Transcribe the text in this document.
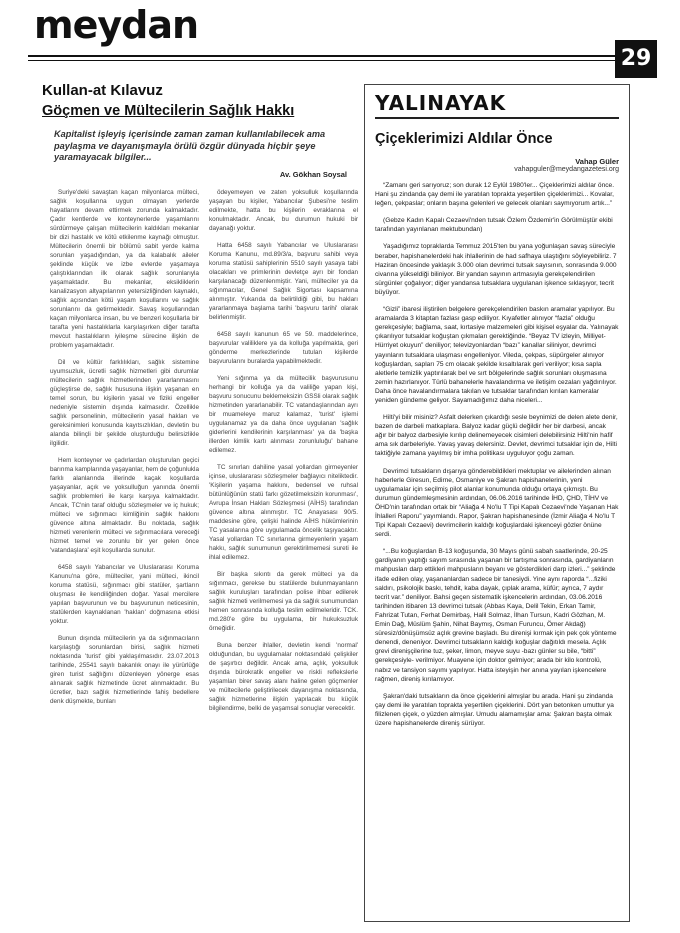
meydan
29
Kullan-at Kılavuz
Göçmen ve Mültecilerin Sağlık Hakkı
Kapitalist işleyiş içerisinde zaman zaman kullanılabilecek ama paylaşma ve dayanışmayla örülü özgür dünyada hiçbir şeye yaramayacak bilgiler...
Av. Gökhan Soysal

Suriye'deki savaştan kaçan milyonlarca mülteci, sağlık koşullarına uygun olmayan yerlerde hayatlarını devam ettirmek zorunda kalmaktadır. Çadır kentlerde ve konteynerlerde yaşamlarını sürdürmeye çalışan mültecilerin kaldıkları mekanlar bir dizi hastalık ve kötü etkilenme kaynağı olmuştur. Mültecilerin önemli bir bölümü sabit yerde kalma sorunları yaşadığından, ya da kalabalık aileler şeklinde küçük ve izbe evlerde yaşamaya çalıştıklarından ilk olarak sağlık sorunlarıyla yaşamaktadır. Bu mekanlar, eksikliklerin kanalizasyon altyapılarının yetersizliğinden kaynaklı, sağlık açısından kötü yaşam koşullarını ve sağlık sorunlarını da getirmektedir. Savaş koşullarından kaçan milyonlarca insan, bu ve benzeri koşullarla bir tarafta yeni hastalıklarla karşılaşırken diğer tarafta mevcut hastalıkların iyileşme sürecine ilişkin de problem yaşamaktadır.

Dil ve kültür farklılıkları, sağlık sistemine uyumsuzluk, ücretli sağlık hizmetleri gibi durumlar mültecilerin sağlık hizmetlerinden yararlanmasını güçleştirse de, sağlık hususuna ilişkin yaşanan en temel sorun, bu kişilerin yasal ve fiziki engeller nedeniyle sistemin dışında kalmasıdır. Özellikle sağlık personelinin, mültecilerin yasal hakları ve gereksinimleri konusunda kayıtsızlıkları, devletin bu alanda bilinçli bir şekilde oluşturduğu belirsizlikle ilgilidir.

Hem konteyner ve çadırlardan oluşturulan geçici barınma kamplarında yaşayanlar, hem de çoğunlukla farklı alanlarında illerinde kaçak koşullarda yaşayanlar, açık ve yoksulluğun yanında önemli sağlık problemleri ile karşı karşıya kalmaktadır. Ancak, TC'nin taraf olduğu sözleşmeler ve iç hukuk; mülteci ve sığınmacı kimliğinin sağlık hakkını güvence altına almaktadır. Bu noktada, sağlık hizmeti verenlerin mülteci ve sığınmacılara vereceği hizmet temel ve zorunlu bir yer gelen önce 'vatandaşlara' eşit koşullarda sunulur.

6458 sayılı Yabancılar ve Uluslararası Koruma Kanunu'na göre, mülteciler, yani mülteci, ikincil koruma statüsü, sığınmacı gibi statüler, şartların oluşması ile kendiliğinden doğar. Yasal mercilere yapılan başvurunun ve bu başvurunun neticesinin, statülerden kaynaklanan 'hakları' doğmasına etkisi yoktur.

Bunun dışında mültecilerin ya da sığınmacıların karşılaştığı sorunlardan birisi, sağlık hizmeti noktasında 'turist' gibi yaklaşılmasıdır. 23.07.2013 tarihinde, 25541 sayılı bakanlık onayı ile yürürlüğe giren turist sağlığını düzenleyen yönerge esas alınarak sağlık hizmetinde ücret alınmaktadır. Bu ücretler, bazı sağlık hizmetlerinde fahiş bedellere denk düşmekte, bunları

ödeyemeyen ve zaten yoksulluk koşullarında yaşayan bu kişiler, Yabancılar Şubesi'ne teslim edilmekte, hatta bu kişilerin evraklarına el konulmaktadır. Ancak, bu durumun hukuki bir dayanağı yoktur.

Hatta 6458 sayılı Yabancılar ve Uluslararası Koruma Kanunu, md.89/3/a, başvuru sahibi veya koruma statüsü sahiplerinin 5510 sayılı yasaya tabi olacakları ve primlerinin devletçe ayrı bir fondan karşılanacağı düzenlenmiştir. Yani, mülteciler ya da sığınmacılar, Genel Sağlık Sigortası kapsamına alınmıştır. Yukarıda da belirtildiği gibi, bu hakları yararlanmaya başlama tarihi 'başvuru tarihi' olarak belirlenmiştir.

6458 sayılı kanunun 65 ve 59. maddelerince, başvurular valiliklere ya da kolluğa yapılmakta, geri gönderme merkezlerinde tutulan kişilerde başvurularını buralarda yapabilmektedir.

Yeni sığınma ya da mültecilik başvurusunu herhangi bir kolluğa ya da valiliğe yapan kişi, başvuru sonucunu beklemeksizin GSSli olarak sağlık hizmetinden yararlanabilir. TC vatandaşlarından ayrı bir muameleye maruz kalamaz, 'turist' işlemi uygulanamaz ya da daha önce uygulanan 'sağlık giderlerini kendilerinin karşılanması' ya da 'başka illerden kimlik kartı alınması zorunluluğu' bahane edilemez.

TC sınırları dahiline yasal yollardan girmeyenler içinse, uluslararası sözleşmeler bağlayıcı niteliktedir. 'Kişilerin yaşama hakkını, bedensel ve ruhsal bütünlüğünün statü farkı gözetilmeksizin korunması', Avrupa İnsan Hakları Sözleşmesi (AİHS) tarafından güvence altına alınmıştır. TC Anayasası 90/5. maddesine göre, çelişki halinde AİHS hükümlerinin TC yasalarına göre uygulamada öncelik taşıyacaktır. Yasal yollardan TC sınırlarına girmeyenlerin yaşam hakkı, sağlık sunumunun gerektirilmemesi sureti ile ihlal edilemez.

Bir başka sıkıntı da gerek mülteci ya da sığınmacı, gerekse bu statülerde bulunmayanların sağlık kuruluşları tarafından polise ihbar edilerek sağlık hizmeti verilmemesi ya da sağlık sunumundan hemen sonrasında kolluğa teslim edilmeleridir. TCK. md.280'e göre bu uygulama, bir hukuksuzluk örneğidir.

Buna benzer ihlaller, devletin kendi 'normal' olduğundan, bu uygulamalar noktasındaki çelişkiler de şaşırtıcı değildir. Ancak ama, açlık, yoksulluk dışında bürokratik engeller ve riskli reflekslerle yaşamları birer savaş alanı haline gelen göçmenler ve mültecilerle geliştirilecek dayanışma noktasında, sağlık hizmetlerine ilişkin yapılacak bu küçük bilgilendirme, belki de yaşamsal sonuçlar verecektir.

YALINAYAK
Çiçeklerimizi Aldılar Önce
Vahap Güler
vahapguler@meydangazetesi.org

“Zamanı geri sarıyoruz; son durak 12 Eylül 1980'ler... Çiçeklerimizi aldılar önce. Hani şu zindanda çay demi ile yaratılan toprakta yeşertilen çiçeklerimizi... Kovalar, leğen, çekpaslar; onların başına gelenleri ve gelecek olanları saymıyorum artık...”

(Gebze Kadın Kapalı Cezaevi'nden tutsak Özlem Özdemir'in Görülmüştür ekibi tarafından yayınlanan mektubundan)

Yaşadığımız topraklarda Temmuz 2015'ten bu yana yoğunlaşan savaş süreciyle beraber, hapishanelerdeki hak ihlallerinin de had safhaya ulaştığını söyleyebiliriz. 7 Haziran öncesinde yaklaşık 3.000 olan devrimci tutsak sayısının, sonrasında 9.000 civarına yükseldiği biliniyor. Bir yandan sayının artmasıyla gerekçelendirilen sürgünler çoğalıyor; diğer yandansa tutsaklara uygulanan işkence sıklaşıyor, tecrit büyüyor.

“Gizli” ibaresi iliştirilen belgelere gerekçelendirilen baskın aramalar yapılıyor. Bu aramalarda 3 kitaptan fazlası gasp ediliyor. Kıyafetler alınıyor “fazla” olduğu gerekçesiyle; bağlama, saat, kırtasiye malzemeleri gibi kişisel eşyalar da. Yalınayak çıkarılıyor tutsaklar koğuştan çıkmaları gerektiğinde. “Beyaz TV izleyin, Milliyet-Hürriyet okuyun” deniliyor; televizyonlardan “bazı” kanallar siliniyor, devrimci yayınların tutsaklara ulaşması engelleniyor. Vileda, çekpas, süpürgeler alınıyor koğuşlardan, sapları 75 cm olacak şekilde kısaltılarak geri veriliyor; kısa sapla aletlerle temizlik yaptırılarak bel ve sırt bölgelerinde sağlık sorunları oluşmasına zemin hazırlanıyor. Türlü bahanelerle havalandırma ve iletişim cezaları yağdırılıyor. Daha önce havalandırmalara takılan ve tutsaklar tarafından kırılan kameralar yeniden gündeme geliyor. Sayamadığımız daha niceleri...

Hilti'yi bilir misiniz? Asfalt delerken çıkardığı sesle beynimizi de delen alete denir, bazen de darbeli matkaplara. Balyoz kadar güçlü değildir her bir darbesi, ancak ağır bir balyoz darbesiyle kırılıp delinemeyecek cisimleri delebilirsiniz Hilti'nin hafif ama sık darbeleriyle. Yavaş yavaş delersiniz. Devlet, devrimci tutsaklar için de, Hilti taktiğiyle zamana yayılmış bir imha politikası uyguluyor çoğu zaman.

Devrimci tutsakların dışarıya gönderebildikleri mektuplar ve ailelerinden alınan haberlerle Giresun, Edirne, Osmaniye ve Şakran hapishanelerinin, yeni uygulamalar için seçilmiş pilot alanlar konumunda olduğu ortaya çıkmıştı. Bu durumun gündemleşmesinin ardından, 06.06.2016 tarihinde İHD, ÇHD, TİHV ve ÖHD'nin tarafından ortak bir “Aliağa 4 No'lu T Tipi Kapalı Cezaevi'nde Yaşanan Hak İhlalleri Raporu” yayımlandı. Rapor, Şakran hapishanesinde (İzmir Aliağa 4 No'lu T Tipi Kapalı Cezaevi) devrimcilerin kaldığı koğuşlardaki işkenceyi gözler önüne serdi.

“...Bu koğuşlardan B-13 koğuşunda, 30 Mayıs günü sabah saatlerinde, 20-25 gardiyanın yaptığı sayım sırasında yaşanan bir tartışma sonrasında, gardiyanların mahpusları darp ettikleri mahpusların beyanı ve gösterdikleri darp izleri...” şeklinde ifade edilen olay, yaşananlardan sadece bir tanesiydi. Yine aynı raporda “...fiziki saldırı, psikolojik baskı, tehdit, kaba dayak, çıplak arama, küfür; ayrıca, 7 aydır tecrit var.” deniliyor. Bahsi geçen sistematik işkencelerin ardından, 03.06.2016 tarihinden itibaren 13 devrimci tutsak (Abbas Kaya, Delil Tekin, Erkan Tamir, Fahrizat Tutan, Ferhat Demirbaş, Halil Solmaz, İlhan Tursun, Kadri Gözhan, M. Emin Dağ, Müslüm Şahin, Nihat Baymış, Osman Furuncu, Ömer Akdağ) süresiz/dönüşümsüz açlık grevine başladı. Bu direnişi kırmak için pek çok yönteme denendi, deneniyor. Devrimci tutsakların kaldığı koğuşlar dağıtıldı mesela. Açlık grevi direnişçilerine tuz, şeker, limon, meyve suyu -bazı günler su bile, “bitti” gerekçesiyle- verilmiyor. Muayene için doktor gelmiyor; arada bir kilo kontrolü, nabız ve tansiyon sayımı yapılıyor. Hatta isteyişin her anına yayılan işkencelere rağmen, direniş kırılamıyor.

Şakran'daki tutsakların da önce çiçeklerini almışlar bu arada. Hani şu zindanda çay demi ile yaratılan toprakta yeşertilen çiçeklerini. Dört yan betonken umuttur ya filizlenen çiçek, o yüzden almışlar. Umudu alamamışlar ama: Şakran başta olmak üzere hapishanelerde direniş sürüyor.
